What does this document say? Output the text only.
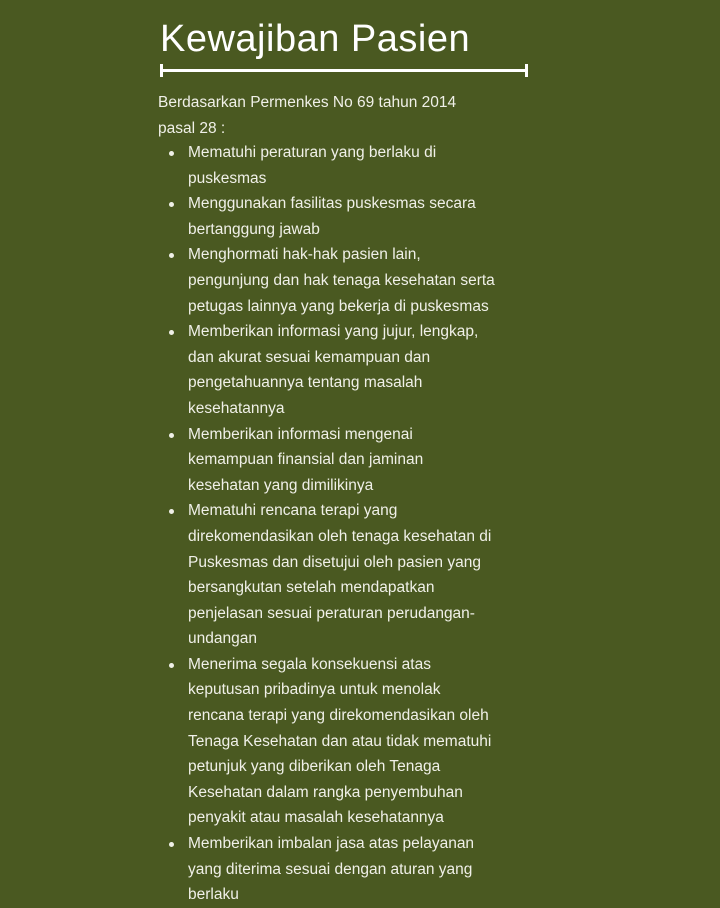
Kewajiban Pasien
Berdasarkan Permenkes No 69 tahun 2014
pasal 28 :
Mematuhi peraturan yang berlaku di
puskesmas
Menggunakan fasilitas puskesmas secara
bertanggung jawab
Menghormati hak-hak pasien lain,
pengunjung dan hak tenaga kesehatan serta
petugas lainnya yang bekerja di puskesmas
Memberikan informasi yang jujur, lengkap,
dan akurat sesuai kemampuan dan
pengetahuannya tentang masalah
kesehatannya
Memberikan informasi mengenai
kemampuan finansial dan jaminan
kesehatan yang dimilikinya
Mematuhi rencana terapi yang
direkomendasikan oleh tenaga kesehatan di
Puskesmas dan disetujui oleh pasien yang
bersangkutan setelah mendapatkan
penjelasan sesuai peraturan perudangan-
undangan
Menerima segala konsekuensi atas
keputusan pribadinya untuk menolak
rencana terapi yang direkomendasikan oleh
Tenaga Kesehatan dan atau tidak mematuhi
petunjuk yang diberikan oleh Tenaga
Kesehatan dalam rangka penyembuhan
penyakit atau masalah kesehatannya
Memberikan imbalan jasa atas pelayanan
yang diterima sesuai dengan aturan yang
berlaku
